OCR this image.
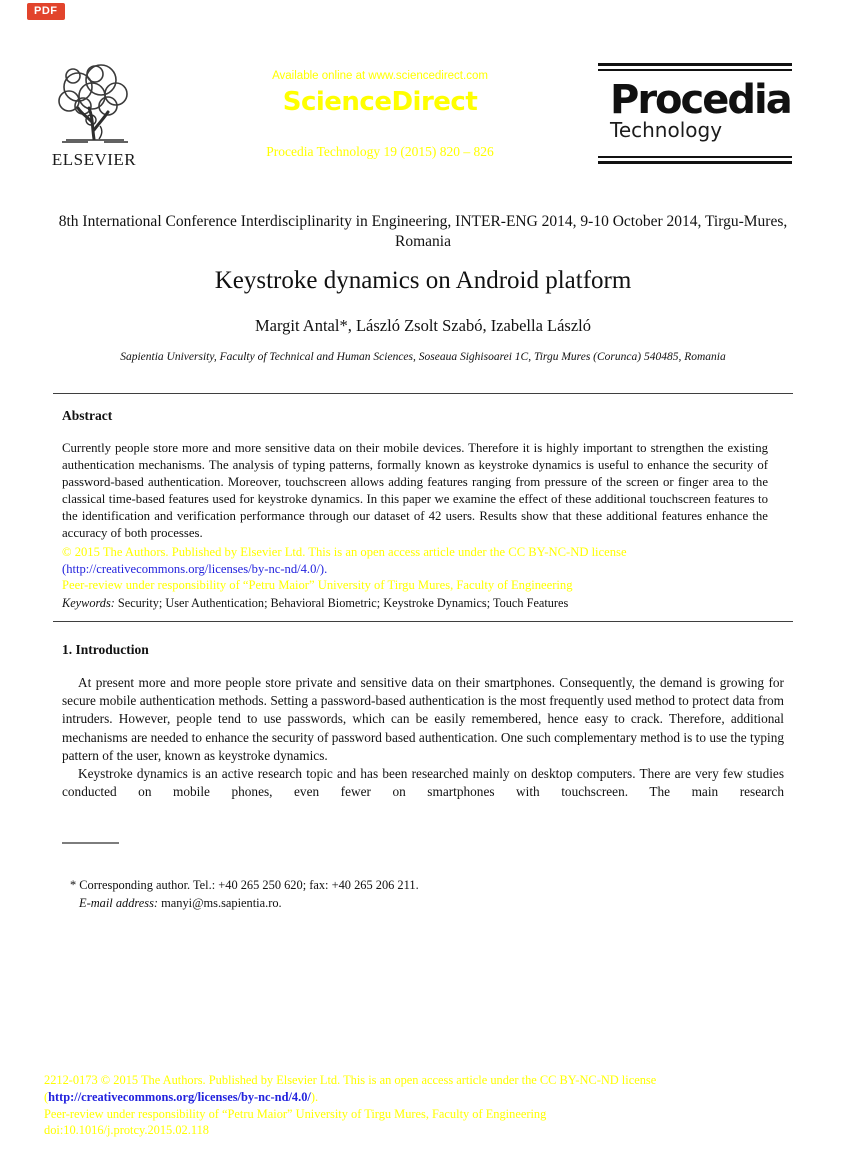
PDF
ELSEVIER
Available online at www.sciencedirect.com
ScienceDirect
Procedia Technology 19 (2015) 820 – 826
Procedia
Technology
8th International Conference Interdisciplinarity in Engineering, INTER-ENG 2014, 9-10 October 2014, Tirgu-Mures, Romania
Keystroke dynamics on Android platform
Margit Antal*, László Zsolt Szabó, Izabella László
Sapientia University, Faculty of Technical and Human Sciences, Soseaua Sighisoarei 1C, Tirgu Mures (Corunca) 540485, Romania
Abstract
Currently people store more and more sensitive data on their mobile devices. Therefore it is highly important to strengthen the existing authentication mechanisms. The analysis of typing patterns, formally known as keystroke dynamics is useful to enhance the security of password-based authentication. Moreover, touchscreen allows adding features ranging from pressure of the screen or finger area to the classical time-based features used for keystroke dynamics. In this paper we examine the effect of these additional touchscreen features to the identification and verification performance through our dataset of 42 users. Results show that these additional features enhance the accuracy of both processes.
© 2015 The Authors. Published by Elsevier Ltd. This is an open access article under the CC BY-NC-ND license
(http://creativecommons.org/licenses/by-nc-nd/4.0/).
Peer-review under responsibility of “Petru Maior” University of Tirgu Mures, Faculty of Engineering
Keywords: Security; User Authentication; Behavioral Biometric; Keystroke Dynamics; Touch Features
1. Introduction

At present more and more people store private and sensitive data on their smartphones. Consequently, the demand is growing for secure mobile authentication methods. Setting a password-based authentication is the most frequently used method to protect data from intruders. However, people tend to use passwords, which can be easily remembered, hence easy to crack. Therefore, additional mechanisms are needed to enhance the security of password based authentication. One such complementary method is to use the typing pattern of the user, known as keystroke dynamics.

Keystroke dynamics is an active research topic and has been researched mainly on desktop computers. There are very few studies conducted on mobile phones, even fewer on smartphones with touchscreen. The main research

* Corresponding author. Tel.: +40 265 250 620; fax: +40 265 206 211.
E-mail address: manyi@ms.sapientia.ro.
2212-0173 © 2015 The Authors. Published by Elsevier Ltd. This is an open access article under the CC BY-NC-ND license
(http://creativecommons.org/licenses/by-nc-nd/4.0/).
Peer-review under responsibility of “Petru Maior” University of Tirgu Mures, Faculty of Engineering
doi:10.1016/j.protcy.2015.02.118
